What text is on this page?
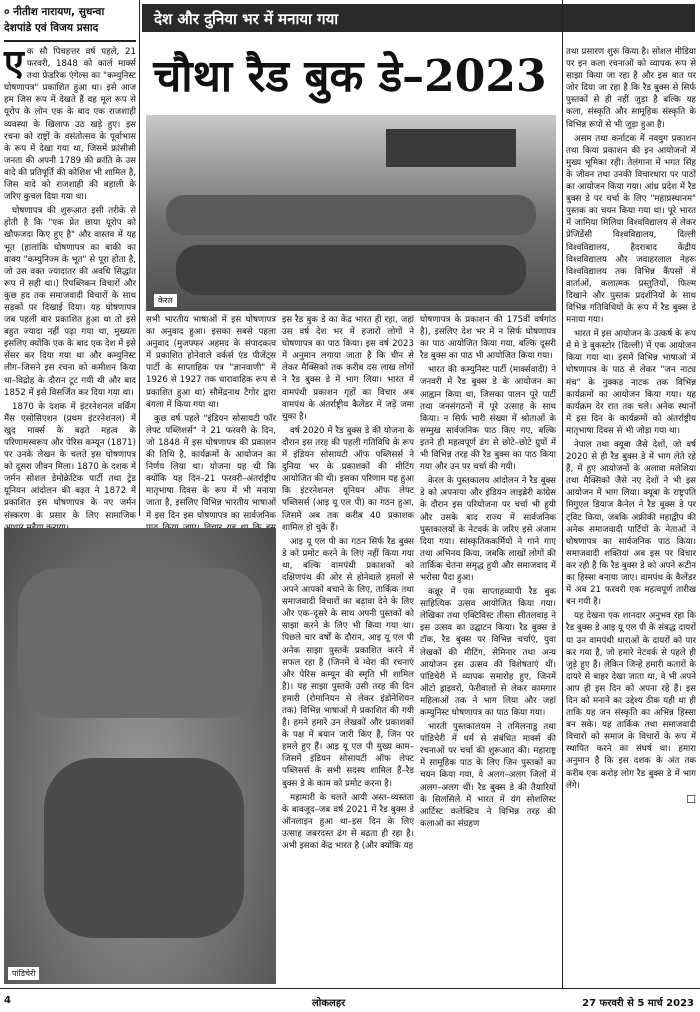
० नीतीश नारायण, सुधन्वा
देशपांडे एवं विजय प्रसाद	देश और दुनिया भर में मनाया गया
चौथा रैड बुक डे–2023

एक सौ पिचहत्तर वर्ष पहले, 21 फरवरी, 1848 को कार्ल मार्क्स तथा फ्रेडरिक एंगेल्स का "कम्युनिस्ट घोषणापत्र" प्रकाशित हुआ था। इसे आज हम जिस रूप में देखते हैं वह मूल रूप से यूरोप के लोन एक के बाद एक राजशाही व्यवस्था के खिलाफ उठ खड़े हुए। इस रचना को राष्ट्रों के वसंतोत्सव के पूर्वाभास के रूप में देखा गया था, जिसमें फ्रांसीसी जनता की अपनी 1789 की क्रांति के उस वादे की प्रतिपूर्ति की कोशिश भी शामिल है, जिस वादे को राजशाही की बहाली के जरिए कुचल दिया गया था।

घोषणापत्र की शुरूआत इसी तरीके से होती है कि "एक प्रेत छाया यूरोप को खौफजदा किए हुए है" और वास्तव में यह भूत (हालांकि घोषणापत्र का बाकी का वाक्य "कम्युनिज्म के भूत" से पूरा होता है, जो उस वक्त ज्यादातर की अवधि सिद्धांत रूप में सही था।) रिपब्लिकन विचारों और कुछ हद तक समाजवादी विचारों के साथ सड़कों पर दिखाई दिया। यह घोषणापत्र जब पहली बार प्रकाशित हुआ था तो इसे बहुत ज्यादा नहीं पढ़ा गया था, मुख्यतः इसलिए क्योंकि एक के बाद एक देश में इसे सेंसर कर दिया गया था और कम्युनिस्ट लीग–जिसने इस रचना को कमीशन किया था–विद्रोह के दौरान टूट गयी थी और बाद 1852 में इसे विसर्जित कर दिया गया था।

1870 के दशक में इंटरनेशनल वर्किंग मैंस एसोसिएशन (प्रथम इंटरनेशनल) में खुद मार्क्स के बढ़ते महत्व के परिणामस्वरूप और पेरिस कम्यून (1871) पर उनके लेखन के चलते इस घोषणापत्र को दूसरा जीवन मिला। 1870 के दशक में जर्मन सोशल डेमोक्रेटिक पार्टी तथा ट्रेड यूनियन आंदोलन की बढ़त ने 1872 में प्रकाशित इस घोषणापत्र के नए जर्मन संस्करण के प्रसार के लिए सामाजिक

केरल

सभी भारतीय भाषाओं में इस घोषणापत्र का अनुवाद हुआ। इसका सबसे पहला अनुवाद (मुजफ्फर अहमद के संपादकत्व में प्रकाशित होनेवाले वर्कर्स एंड पीजेंट्स पार्टी के साप्ताहिक पत्र "ज्ञानवाणी" में 1926 से 1927 तक धारावाहिक रूप से प्रकाशित हुआ था) सौमेंद्रनाथ टैगोर द्वारा बंगला में किया गया था।

कुछ वर्ष पहले "इंडियन सोसायटी फॉर लेफ्ट पब्लिशर्स" ने 21 फरवरी के दिन, जो 1848 में इस घोषणापत्र की प्रकाशन की तिथि है, कार्यक्रमों के आयोजन का निर्णय लिया था। योजना यह थी कि क्योंकि यह दिन–21 फरवरी–अंतर्राष्ट्रीय मातृभाषा दिवस के रूप में भी मनाया जाता है, इसलिए विभिन्न भारतीय भाषाओं में इस दिन इस घोषणापत्र का सार्वजनिक

इस रैड बुक डे का केंद्र भारत ही रहा, जहां उस वर्ष देश भर में हजारों लोगों ने घोषणापत्र का पाठ किया। इस वर्ष 2023 में अनुमान लगाया जाता है कि चीन से लेकर मैक्सिको तक करीब दस लाख लोगों ने रैड बुक्स डे में भाग लिया। भारत में वामपंथी प्रकाशन गृहों का विचार अब वामपंथ के अंतर्राष्ट्रीय कैलेंडर में जड़ें जमा चुका है।

वर्ष 2020 में रैड बुक्स डे की योजना के दौरान इस तरह की पहली गतिविधि के रूप में इंडियन सोसायटी ऑफ पब्लिसर्स ने दुनिया भर के प्रकाशकों की मीटिंग आयोजित की थी। इसका परिणाम यह हुआ कि इंटरनेशनल यूनियन ऑफ लेफ्ट पब्लिसर्स (आइ यू एल पी) का गठन हुआ, जिसमें अब तक करीब 40 प्रकाशक शामिल हो चुके हैं।

आइ यू एल पी का गठन सिर्फ रैड बुक्स डे को प्रमोट करने के लिए नहीं किया गया था, बल्कि वामपंथी प्रकाशकों को दक्षिणपंथ की ओर से होनेवाले हमलों से अपने आपको बचाने के लिए, तार्किक तथा समाजवादी विचारों का बढ़ावा देने के लिए और एक–दूसरे के साथ अपनी पुस्तकों को साझा करने के लिए भी किया गया था। पिछले चार वर्षों के दौरान, आइ यू एल पी अनेक साझा पुस्तकें प्रकाशित करने में सफल रहा है (जिनमें चे ग्वेरा की रचनाएं और पेरिस कम्यून की स्मृति भी शामिल है)। यह साझा पुस्तकें उसी तरह की दिन हमारी (रोमानियन से लेकर इंडोनेशियन तक) विभिन्न भाषाओं में प्रकाशित की गयी हैं। हमने हमारे उन लेखकों और प्रकाशकों के पक्ष में बयान जारी किए हैं, जिन पर हमले हुए हैं। आइ यू एल पी मुख्य काम–जिसमें इंडियन सोसायटी ऑफ लेफ्ट पब्लिसर्स के सभी सदस्य शामिल हैं–रैड बुक्स डे के काम को प्रमोट करना है।

महामारी के चलते आयी अस्त–व्यस्तता के बावजूद–जब वर्ष 2021 में रैड बुक्स डे ऑनलाइन हुआ था–इस दिन के लिए उत्साह जबरदस्त ढंग से बढ़ता ही रहा है। अभी इसका केंद्र भारत है (और क्योंकि यह

घोषणापत्र के प्रकाशन की 175वीं वर्षगांठ है), इसलिए देश भर में न सिर्फ घोषणापत्र का पाठ आयोजित किया गया, बल्कि दूसरी रैड बुक्स का पाठ भी आयोजित किया गया।

भारत की कम्युनिस्ट पार्टी (मार्क्सवादी) ने जनवरी में रैड बुक्स डे के आयोजन का आह्वान किया था, जिसका पालन पूरे पार्टी तथा जनसंगठनों में पूरे उत्साह के साथ किया। न सिर्फ भारी संख्या में श्रोताओं के सम्मुख सार्वजनिक पाठ किए गए, बल्कि इतने ही महत्वपूर्ण ढंग से छोटे–छोटे ग्रुपों में भी विभिन्न तरह की रैड बुक्स का पाठ किया गया और उन पर चर्चा की गयी।

केरल के पुस्तकालय आंदोलन ने रैड बुक्स डे को अपनाया और इंडियन लाइब्रेरी कांग्रेस के दौरान इस परियोजना पर चर्चा भी हुयी और उसके बाद राज्य में सार्वजनिक पुस्तकालयों के नेटवर्क के जरिए इसे अंजाम दिया गया। सांस्कृतिककर्मियों ने गाने गाए तथा अभिनय किया, जबकि लाखों लोगों की तार्किक चेतना समृद्ध हुयी और समाजवाद में भरोसा पैदा हुआ।

कन्नूर में एक साप्ताहव्यापी रैड बुक साहित्यिक उत्सव आयोजित किया गया। लेखिका तथा एक्टिविस्ट तीस्ता सीतलवाड़ ने इस उत्सव का उद्घाटन किया। रैड बुक्स डे टॉक, रैड बुक्स पर विभिन्न चर्चाएं, युवा लेखकों की मीटिंग, सेमिनार तथा अन्य आयोजन इस उत्सव की विशेषताएं थीं। पांडिचेरी में व्यापक समारोह हुए, जिनमें ऑटो ड्राइवरों, फेरीवालों से लेकर कामगार महिलाओं तक ने भाग लिया और जहां कम्युनिस्ट घोषणापत्र का पाठ किया गया।

भारती पुस्तकालयम ने तमिलनाडु तथा पांडिचेरी में धर्म से संबंधित मार्क्स की रचनाओं पर चर्चा की शुरूआत की। महाराष्ट्र में सामूहिक पाठ के लिए जिन पुस्तकों का चयन किया गया, वे अलग–अलग जिलों में अलग–अलग थीं। रैड बुक्स डे की तैयारियों के सिलसिले में भारत में यंग सोशलिस्ट आर्टिस्ट कलेक्टिव ने विभिन्न तरह की कलाओं का संग्रहण

तथा प्रसारण शुरू किया है। सोशल मीडिया पर इन कला रचनाओं को व्यापक रूप से साझा किया जा रहा है और इस बात पर जोर दिया जा रहा है कि रैड बुक्स से सिर्फ पुस्तकों से ही नहीं जुड़ा है बल्कि यह कला, संस्कृति और सामूहिक संस्कृति के विभिन्न रूपों से भी जुड़ा हुआ है।

असम तथा कर्नाटक में नवयुग प्रकाशन तथा किया प्रकाशन की इन आयोजनों में मुख्य भूमिका रही। तेलंगाना में भगत सिंह के जीवन तथा उनकी विचारधारा पर पाठों का आयोजन किया गया। आंध्र प्रदेश में रैड बुक्स डे पर चर्चा के लिए "महाप्रस्थानम" पुस्तक का चयन किया गया था। पूरे भारत में जामिया मिलिया विश्वविद्यालय से लेकर प्रेजिडेंसी विश्वविद्यालय, दिल्ली विश्वविद्यालय, हैदराबाद केंद्रीय विश्वविद्यालय और जवाहरलाल नेहरू विश्वविद्यालय तक विभिन्न कैंपसों में वार्ताओं, कलात्मक प्रस्तुतियों, फिल्म दिखाने और पुस्तक प्रदर्शनियों के साथ विभिन्न गतिविधियों के रूप में रैड बुक्स डे मनाया गया।

भारत में इस आयोजन के उत्कर्ष के रूप में मे डे बुकस्टोर (दिल्ली) में एक आयोजन किया गया था। इसमें विभिन्न भाषाओं में घोषणापत्र के पाठ से लेकर "जन नाट्य मंच" के नुक्कड़ नाटक तक विभिन्न कार्यक्रमों का आयोजन किया गया। यह कार्यक्रम देर रात तक चले। अनेक स्थानों में इस दिन के कार्यक्रमों को अंतर्राष्ट्रीय मातृभाषा दिवस से भी जोड़ा गया था।

नेपाल तथा क्यूबा जैसे देशों, जो वर्ष 2020 से ही रैड बुक्स डे में भाग लेते रहे हैं, में हुए आयोजनों के अलावा मलेशिया तथा मैक्सिको जैसे नए देशों ने भी इस आयोजन में भाग लिया। क्यूबा के राष्ट्रपति मिगुएल डियाज कैनेल ने रैड बुक्स डे पर ट्विट किया, जबकि अफ्रीकी महाद्वीप की अनेक समाजवादी पार्टियों के नेताओं ने घोषणापत्र का सार्वजनिक पाठ किया। समाजवादी शक्तियां अब इस पर विचार कर रही हैं कि रैड बुक्स डे को अपने रूटीन का हिस्सा बनाया जाए। वामपंथ के कैलेंडर में अब 21 फरवरी एक महत्वपूर्ण तारीख बन गयी है।

यह देखना एक शानदार अनुभव रहा कि रैड बुक्स डे आइ यू एल पी के संबद्ध दायरों या उन वामपंथी धाराओं के दायरों को पार कर गया है, जो हमारे नेटवर्क से पहले ही जुड़े हुए हैं। लेकिन जिन्हें हमारी कतारों के दायरे से बाहर देखा जाता था, वे भी अपने आप ही इस दिन को अपना रहे हैं। इस दिन को मनाने का उद्देश्य ठीक यही था ही ताकि यह जन संस्कृति का अभिन्न हिस्सा बन सके। यह तार्किक तथा समाजवादी विचारों को समाज के विचारों के रूप में स्थापित करने का संघर्ष था। हमारा अनुमान है कि इस दशक के अंत तक करीब एक करोड़ लोग रैड बुक्स डे में भाग लेंगे।

☐
पांडिचेरी
4	लोकलहर	27 फरवरी से 5 मार्च 2023
